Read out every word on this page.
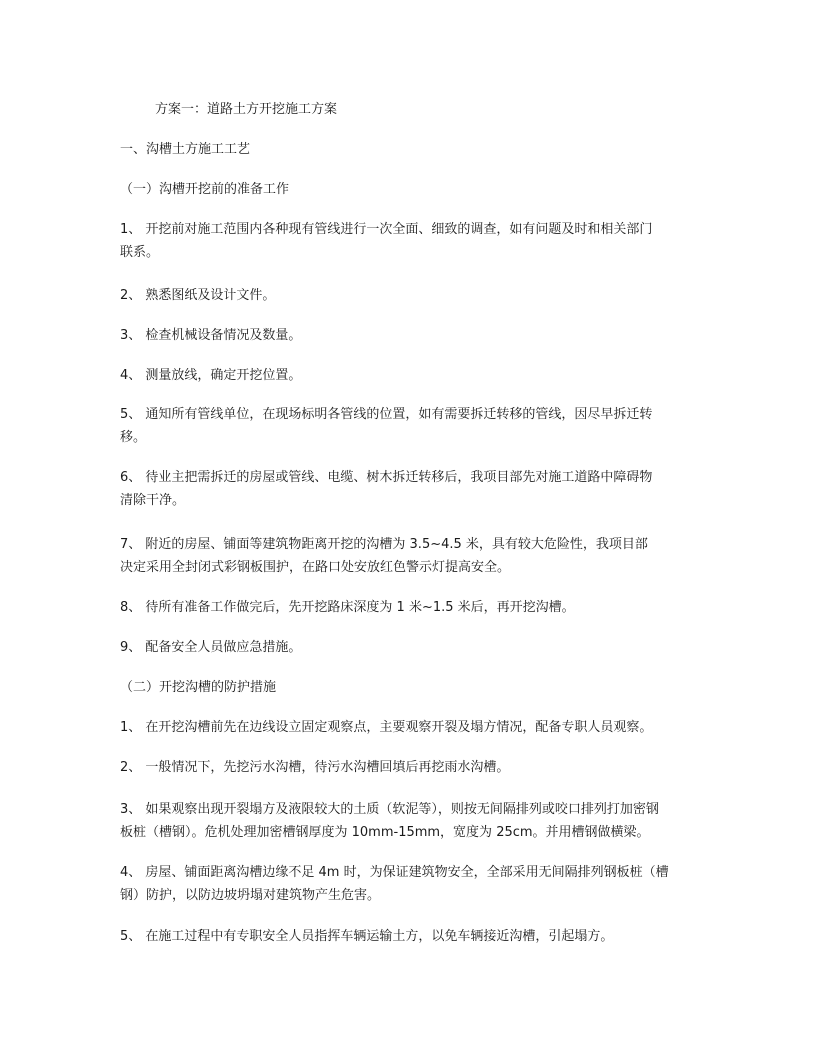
方案一：道路土方开挖施工方案
一、沟槽土方施工工艺
（一）沟槽开挖前的准备工作
1、 开挖前对施工范围内各种现有管线进行一次全面、细致的调查，如有问题及时和相关部门
联系。
2、 熟悉图纸及设计文件。
3、 检查机械设备情况及数量。
4、 测量放线，确定开挖位置。
5、 通知所有管线单位，在现场标明各管线的位置，如有需要拆迁转移的管线，因尽早拆迁转
移。
6、 待业主把需拆迁的房屋或管线、电缆、树木拆迁转移后，我项目部先对施工道路中障碍物
清除干净。
7、 附近的房屋、铺面等建筑物距离开挖的沟槽为 3.5~4.5 米，具有较大危险性，我项目部
决定采用全封闭式彩钢板围护，在路口处安放红色警示灯提高安全。
8、 待所有准备工作做完后，先开挖路床深度为 1 米~1.5 米后，再开挖沟槽。
9、 配备安全人员做应急措施。
（二）开挖沟槽的防护措施
1、 在开挖沟槽前先在边线设立固定观察点，主要观察开裂及塌方情况，配备专职人员观察。
2、 一般情况下，先挖污水沟槽，待污水沟槽回填后再挖雨水沟槽。
3、 如果观察出现开裂塌方及液限较大的土质（软泥等），则按无间隔排列或咬口排列打加密钢
板桩（槽钢）。危机处理加密槽钢厚度为 10mm-15mm，宽度为 25cm。并用槽钢做横梁。
4、 房屋、铺面距离沟槽边缘不足 4m 时，为保证建筑物安全，全部采用无间隔排列钢板桩（槽
钢）防护，以防边坡坍塌对建筑物产生危害。
5、 在施工过程中有专职安全人员指挥车辆运输土方，以免车辆接近沟槽，引起塌方。
